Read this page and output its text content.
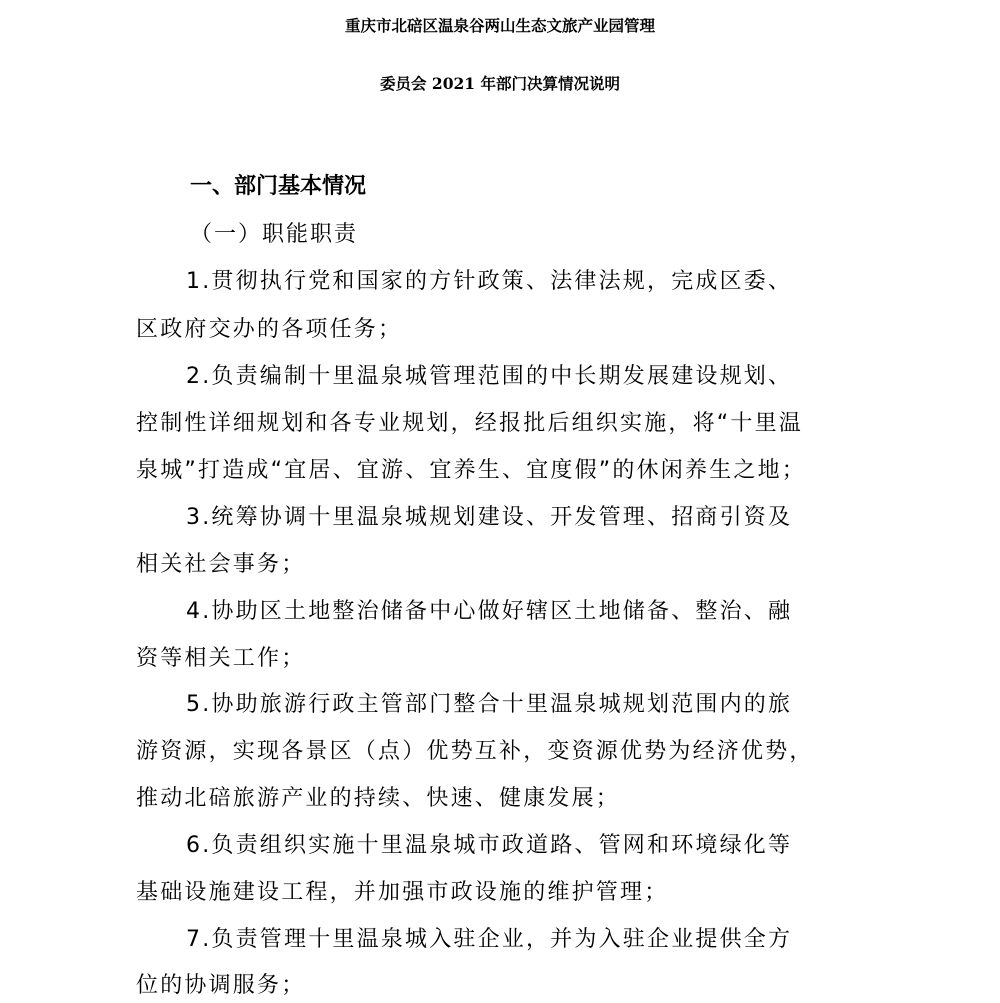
重庆市北碚区温泉谷两山生态文旅产业园管理
委员会 2021 年部门决算情况说明
一、部门基本情况
（一）职能职责
1.贯彻执行党和国家的方针政策、法律法规，完成区委、
区政府交办的各项任务；
2.负责编制十里温泉城管理范围的中长期发展建设规划、
控制性详细规划和各专业规划，经报批后组织实施，将“十里温
泉城”打造成“宜居、宜游、宜养生、宜度假”的休闲养生之地；
3.统筹协调十里温泉城规划建设、开发管理、招商引资及
相关社会事务；
4.协助区土地整治储备中心做好辖区土地储备、整治、融
资等相关工作；
5.协助旅游行政主管部门整合十里温泉城规划范围内的旅
游资源，实现各景区（点）优势互补，变资源优势为经济优势，
推动北碚旅游产业的持续、快速、健康发展；
6.负责组织实施十里温泉城市政道路、管网和环境绿化等
基础设施建设工程，并加强市政设施的维护管理；
7.负责管理十里温泉城入驻企业，并为入驻企业提供全方
位的协调服务；
